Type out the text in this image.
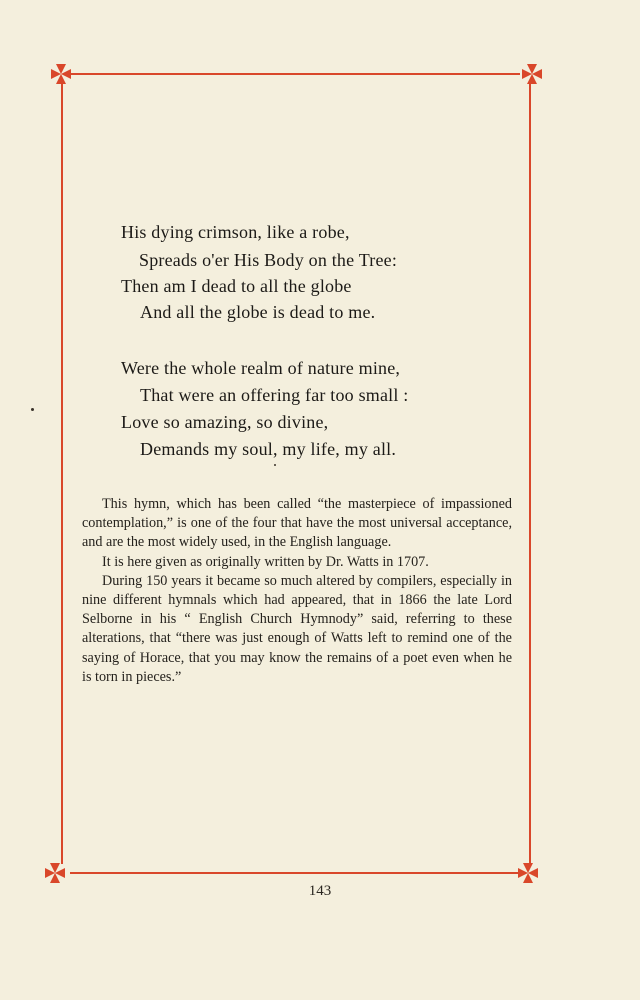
His dying crimson, like a robe,
Spreads o'er His Body on the Tree:
Then am I dead to all the globe
And all the globe is dead to me.
Were the whole realm of nature mine,
That were an offering far too small :
Love so amazing, so divine,
Demands my soul, my life, my all.

This hymn, which has been called “the masterpiece of impassioned contemplation,” is one of the four that have the most universal acceptance, and are the most widely used, in the English language.

It is here given as originally written by Dr. Watts in 1707.

During 150 years it became so much altered by compilers, especially in nine different hymnals which had appeared, that in 1866 the late Lord Selborne in his “ English Church Hymnody” said, referring to these alterations, that “there was just enough of Watts left to remind one of the saying of Horace, that you may know the remains of a poet even when he is torn in pieces.”

143
